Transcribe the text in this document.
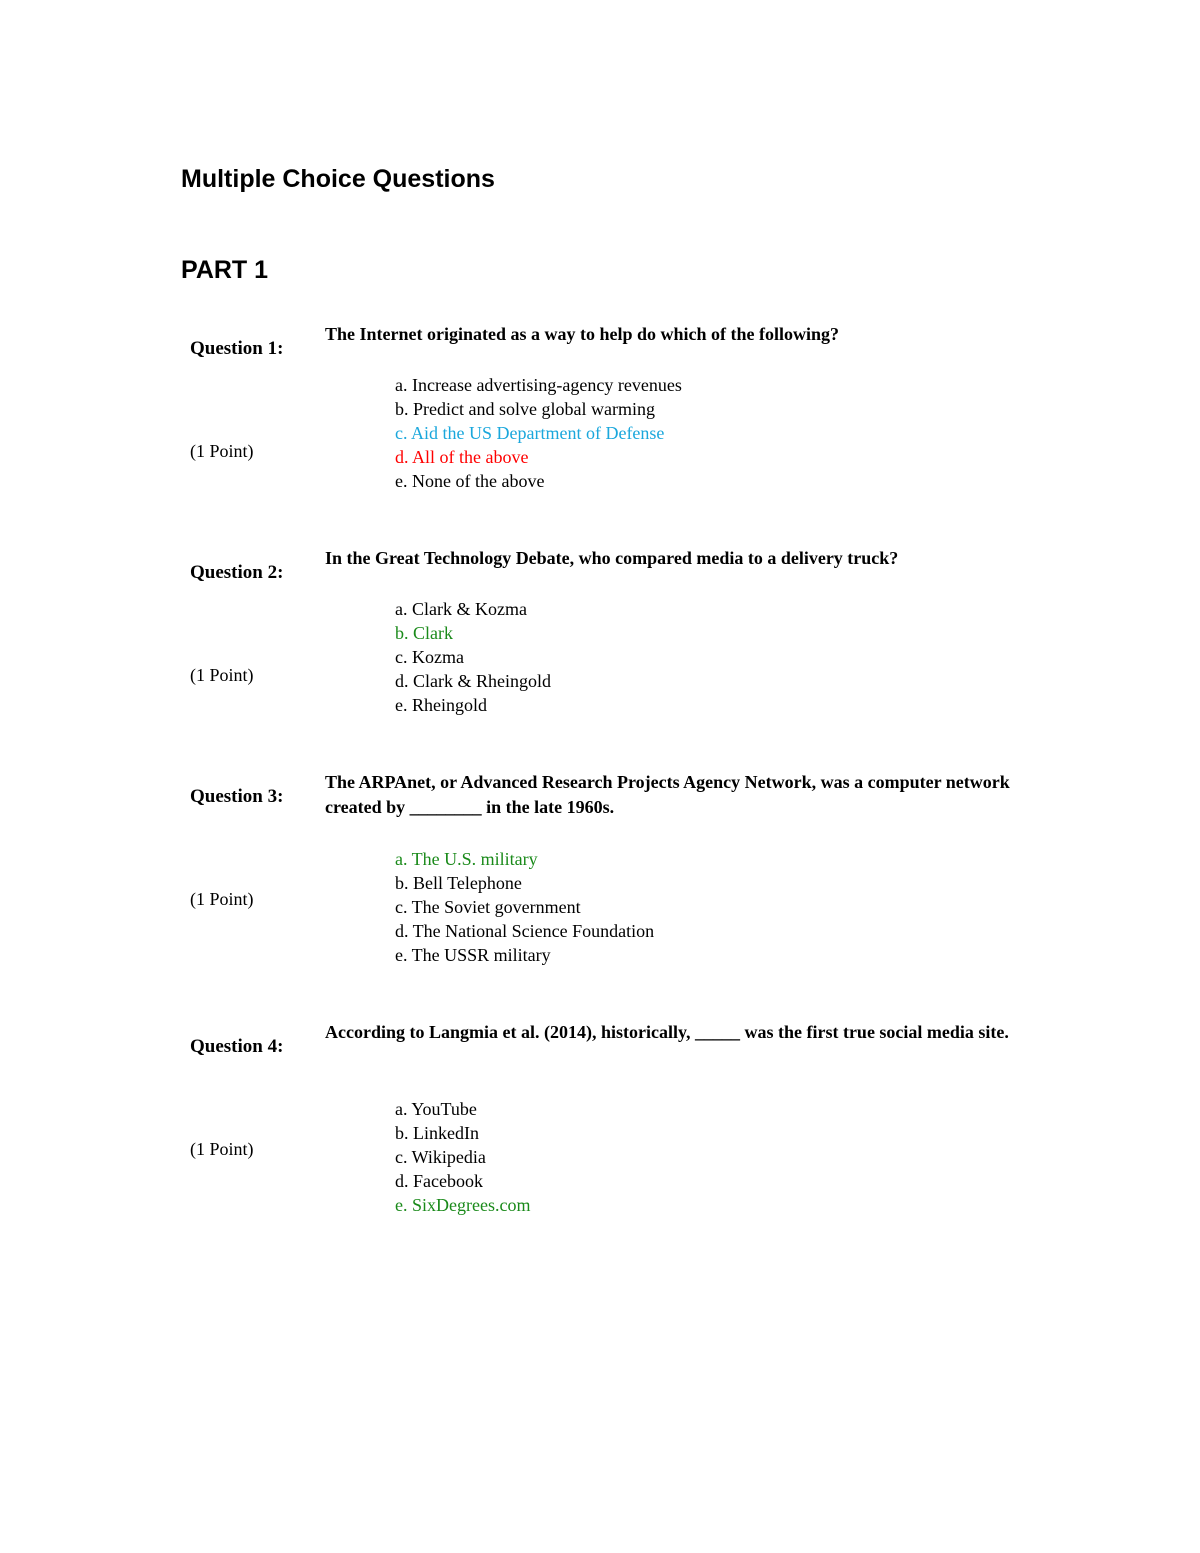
Multiple Choice Questions
PART 1
Question 1:
The Internet originated as a way to help do which of the following?
(1 Point)
a. Increase advertising-agency revenues
b. Predict and solve global warming
c. Aid the US Department of Defense
d. All of the above
e. None of the above
Question 2:
In the Great Technology Debate, who compared media to a delivery truck?
(1 Point)
a. Clark & Kozma
b. Clark
c. Kozma
d. Clark & Rheingold
e. Rheingold
Question 3:
The ARPAnet, or Advanced Research Projects Agency Network, was a computer network created by ________ in the late 1960s.
(1 Point)
a. The U.S. military
b. Bell Telephone
c. The Soviet government
d. The National Science Foundation
e. The USSR military
Question 4:
According to Langmia et al. (2014), historically, _____ was the first true social media site.
(1 Point)
a. YouTube
b. LinkedIn
c. Wikipedia
d. Facebook
e. SixDegrees.com
